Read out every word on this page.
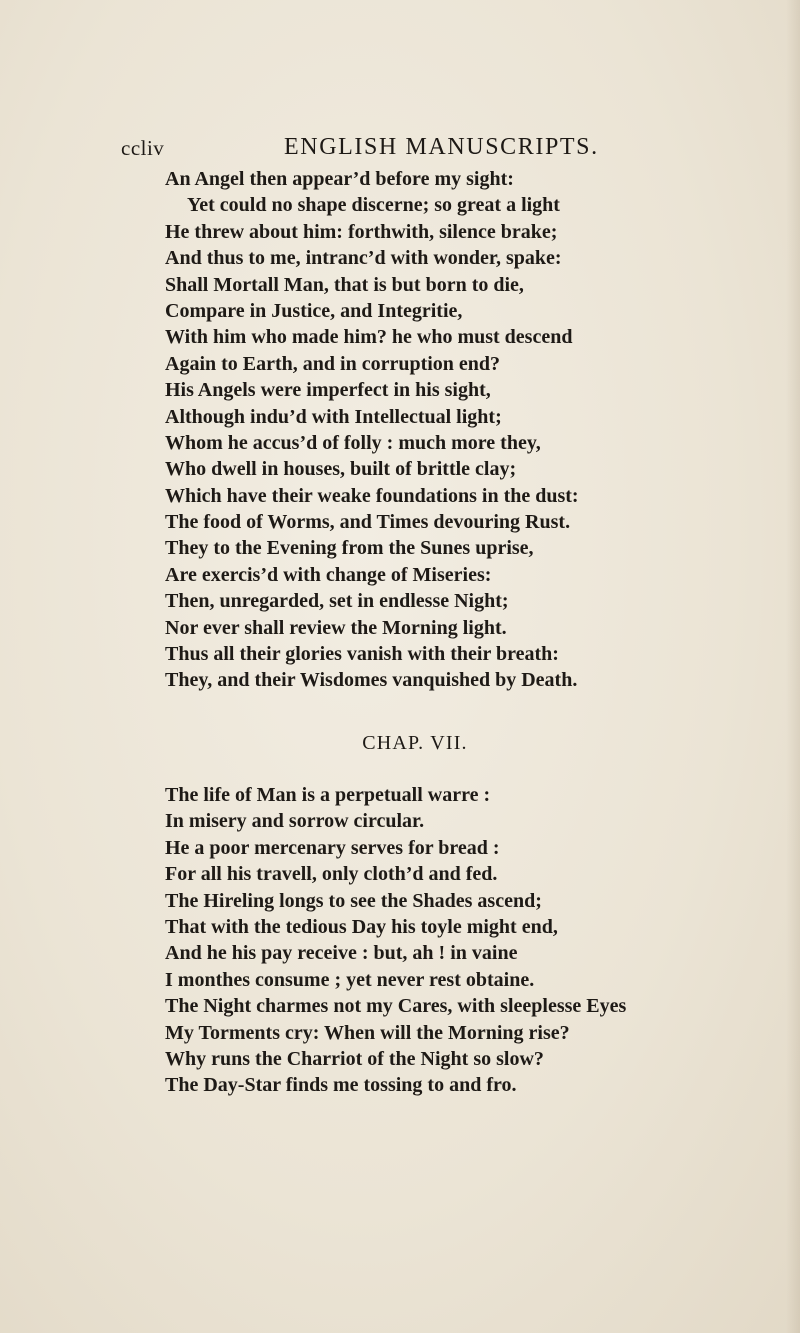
ccliv	ENGLISH MANUSCRIPTS.
An Angel then appear’d before my sight:
Yet could no shape discerne; so great a light
He threw about him: forthwith, silence brake;
And thus to me, intranc’d with wonder, spake:
Shall Mortall Man, that is but born to die,
Compare in Justice, and Integritie,
With him who made him? he who must descend
Again to Earth, and in corruption end?
His Angels were imperfect in his sight,
Although indu’d with Intellectual light;
Whom he accus’d of folly : much more they,
Who dwell in houses, built of brittle clay;
Which have their weake foundations in the dust:
The food of Worms, and Times devouring Rust.
They to the Evening from the Sunes uprise,
Are exercis’d with change of Miseries:
Then, unregarded, set in endlesse Night;
Nor ever shall review the Morning light.
Thus all their glories vanish with their breath:
They, and their Wisdomes vanquished by Death.
CHAP. VII.
The life of Man is a perpetuall warre :
In misery and sorrow circular.
He a poor mercenary serves for bread :
For all his travell, only cloth’d and fed.
The Hireling longs to see the Shades ascend;
That with the tedious Day his toyle might end,
And he his pay receive : but, ah ! in vaine
I monthes consume ; yet never rest obtaine.
The Night charmes not my Cares, with sleeplesse Eyes
My Torments cry: When will the Morning rise?
Why runs the Charriot of the Night so slow?
The Day-Star finds me tossing to and fro.
